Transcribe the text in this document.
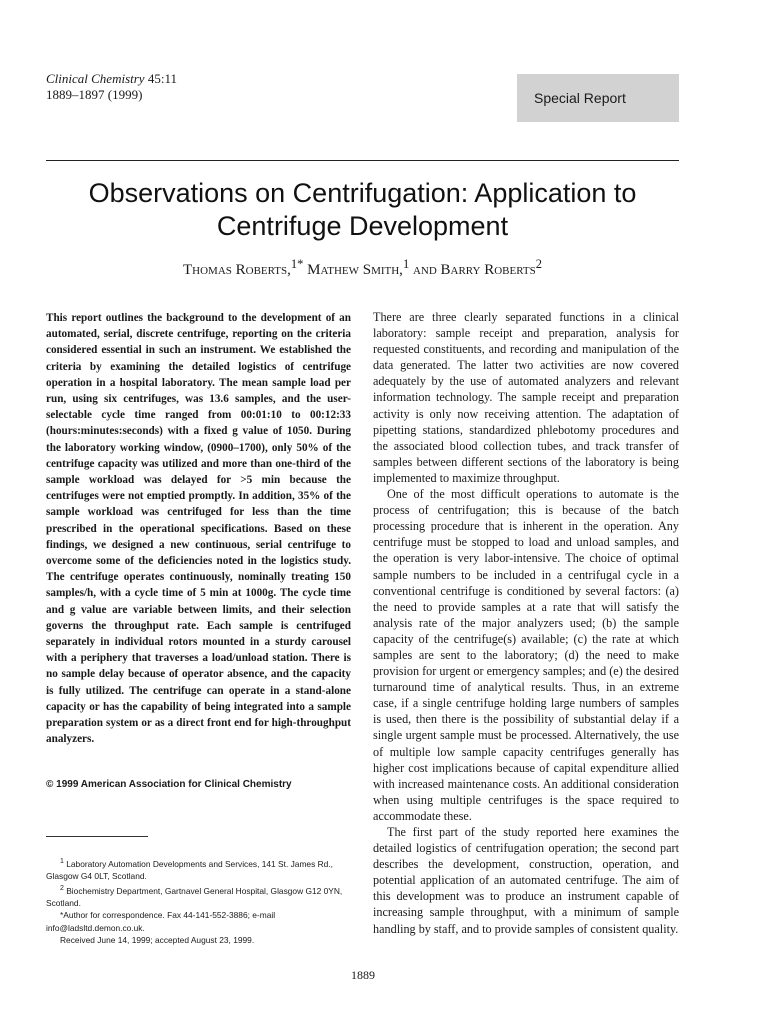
Clinical Chemistry 45:11
1889–1897 (1999)	Special Report
Observations on Centrifugation: Application to
Centrifuge Development
Thomas Roberts,$^{1*}$ Mathew Smith,$^1$ and Barry Roberts$^2$

This report outlines the background to the development of an automated, serial, discrete centrifuge, reporting on the criteria considered essential in such an instrument. We established the criteria by examining the detailed logistics of centrifuge operation in a hospital laboratory. The mean sample load per run, using six centrifuges, was 13.6 samples, and the user-selectable cycle time ranged from 00:01:10 to 00:12:33 (hours:minutes:seconds) with a fixed g value of 1050. During the laboratory working window, (0900–1700), only 50% of the centrifuge capacity was utilized and more than one-third of the sample workload was delayed for >5 min because the centrifuges were not emptied promptly. In addition, 35% of the sample workload was centrifuged for less than the time prescribed in the operational specifications. Based on these findings, we designed a new continuous, serial centrifuge to overcome some of the deficiencies noted in the logistics study. The centrifuge operates continuously, nominally treating 150 samples/h, with a cycle time of 5 min at 1000g. The cycle time and g value are variable between limits, and their selection governs the throughput rate. Each sample is centrifuged separately in individual rotors mounted in a sturdy carousel with a periphery that traverses a load/unload station. There is no sample delay because of operator absence, and the capacity is fully utilized. The centrifuge can operate in a stand-alone capacity or has the capability of being integrated into a sample preparation system or as a direct front end for high-throughput analyzers.

© 1999 American Association for Clinical Chemistry

$^1$ Laboratory Automation Developments and Services, 141 St. James Rd., Glasgow G4 0LT, Scotland.

$^2$ Biochemistry Department, Gartnavel General Hospital, Glasgow G12 0YN, Scotland.

*Author for correspondence. Fax 44-141-552-3886; e-mail info@ladsltd.demon.co.uk.

Received June 14, 1999; accepted August 23, 1999.

There are three clearly separated functions in a clinical laboratory: sample receipt and preparation, analysis for requested constituents, and recording and manipulation of the data generated. The latter two activities are now covered adequately by the use of automated analyzers and relevant information technology. The sample receipt and preparation activity is only now receiving attention. The adaptation of pipetting stations, standardized phlebotomy procedures and the associated blood collection tubes, and track transfer of samples between different sections of the laboratory is being implemented to maximize throughput.

One of the most difficult operations to automate is the process of centrifugation; this is because of the batch processing procedure that is inherent in the operation. Any centrifuge must be stopped to load and unload samples, and the operation is very labor-intensive. The choice of optimal sample numbers to be included in a centrifugal cycle in a conventional centrifuge is conditioned by several factors: (a) the need to provide samples at a rate that will satisfy the analysis rate of the major analyzers used; (b) the sample capacity of the centrifuge(s) available; (c) the rate at which samples are sent to the laboratory; (d) the need to make provision for urgent or emergency samples; and (e) the desired turnaround time of analytical results. Thus, in an extreme case, if a single centrifuge holding large numbers of samples is used, then there is the possibility of substantial delay if a single urgent sample must be processed. Alternatively, the use of multiple low sample capacity centrifuges generally has higher cost implications because of capital expenditure allied with increased maintenance costs. An additional consideration when using multiple centrifuges is the space required to accommodate these.

The first part of the study reported here examines the detailed logistics of centrifugation operation; the second part describes the development, construction, operation, and potential application of an automated centrifuge. The aim of this development was to produce an instrument capable of increasing sample throughput, with a minimum of sample handling by staff, and to provide samples of consistent quality.

1889
